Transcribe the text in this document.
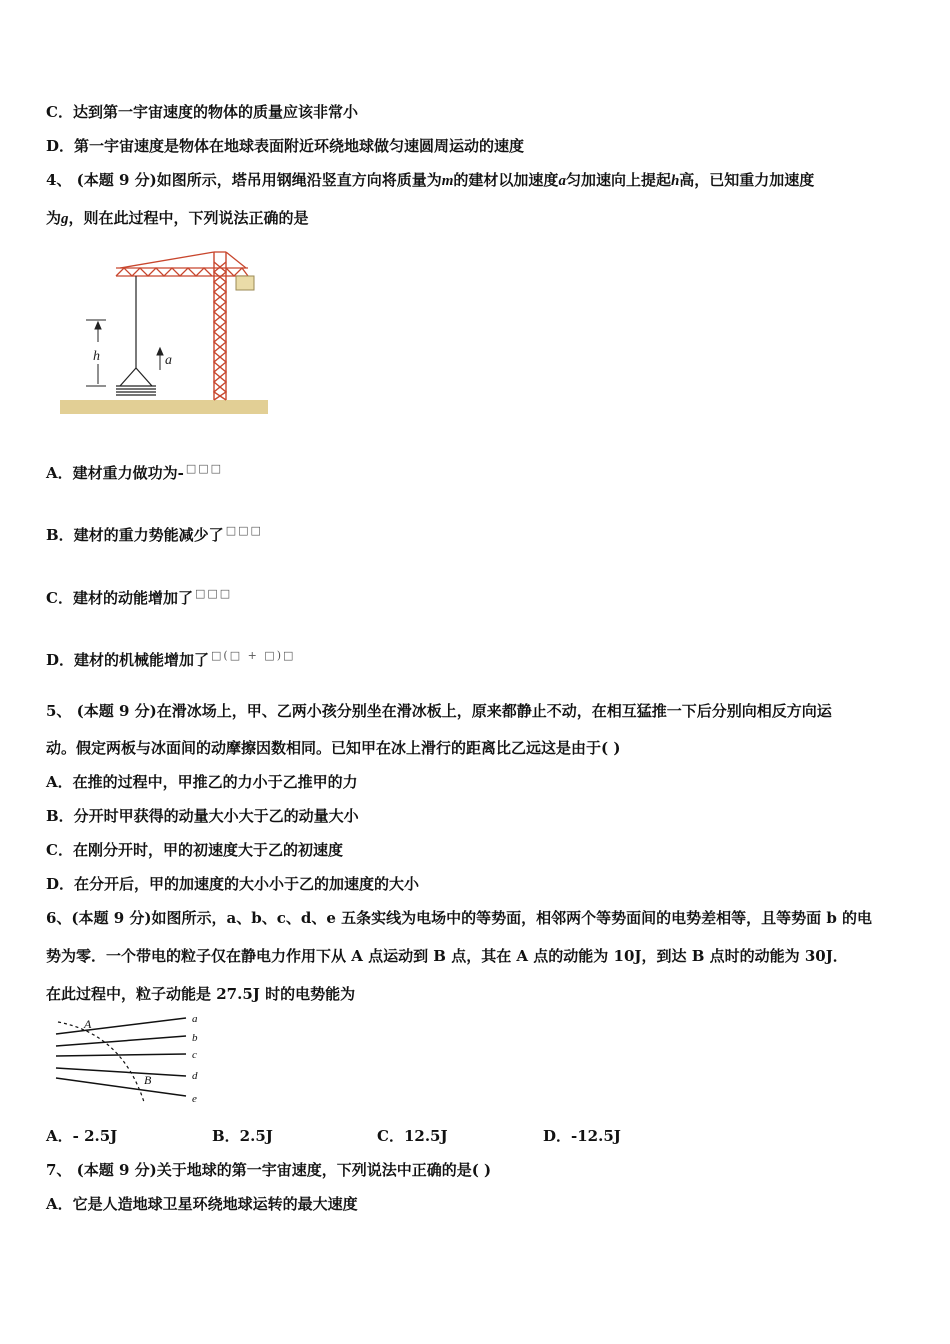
C．达到第一宇宙速度的物体的质量应该非常小
D．第一宇宙速度是物体在地球表面附近环绕地球做匀速圆周运动的速度
4、 (本题 9 分)如图所示，塔吊用钢绳沿竖直方向将质量为m的建材以加速度a匀加速向上提起h高，已知重力加速度
为g，则在此过程中，下列说法正确的是
h	a
A．建材重力做功为- □□□
B．建材的重力势能减少了 □□□
C．建材的动能增加了 □□□
D．建材的机械能增加了 □(□ + □)□
5、 (本题 9 分)在滑冰场上，甲、乙两小孩分别坐在滑冰板上，原来都静止不动，在相互猛推一下后分别向相反方向运
动。假定两板与冰面间的动摩擦因数相同。已知甲在冰上滑行的距离比乙远这是由于( )
A．在推的过程中，甲推乙的力小于乙推甲的力
B．分开时甲获得的动量大小大于乙的动量大小
C．在刚分开时，甲的初速度大于乙的初速度
D．在分开后，甲的加速度的大小小于乙的加速度的大小
6、(本题 9 分)如图所示，a、b、c、d、e 五条实线为电场中的等势面，相邻两个等势面间的电势差相等，且等势面 b 的电
势为零．一个带电的粒子仅在静电力作用下从 A 点运动到 B 点，其在 A 点的动能为 10J，到达 B 点时的动能为 30J．
在此过程中，粒子动能是 27.5J 时的电势能为
a
b
c
d
e
A
B
A．- 2.5J	B．2.5J	C．12.5J	D．-12.5J
7、 (本题 9 分)关于地球的第一宇宙速度，下列说法中正确的是( )
A．它是人造地球卫星环绕地球运转的最大速度
